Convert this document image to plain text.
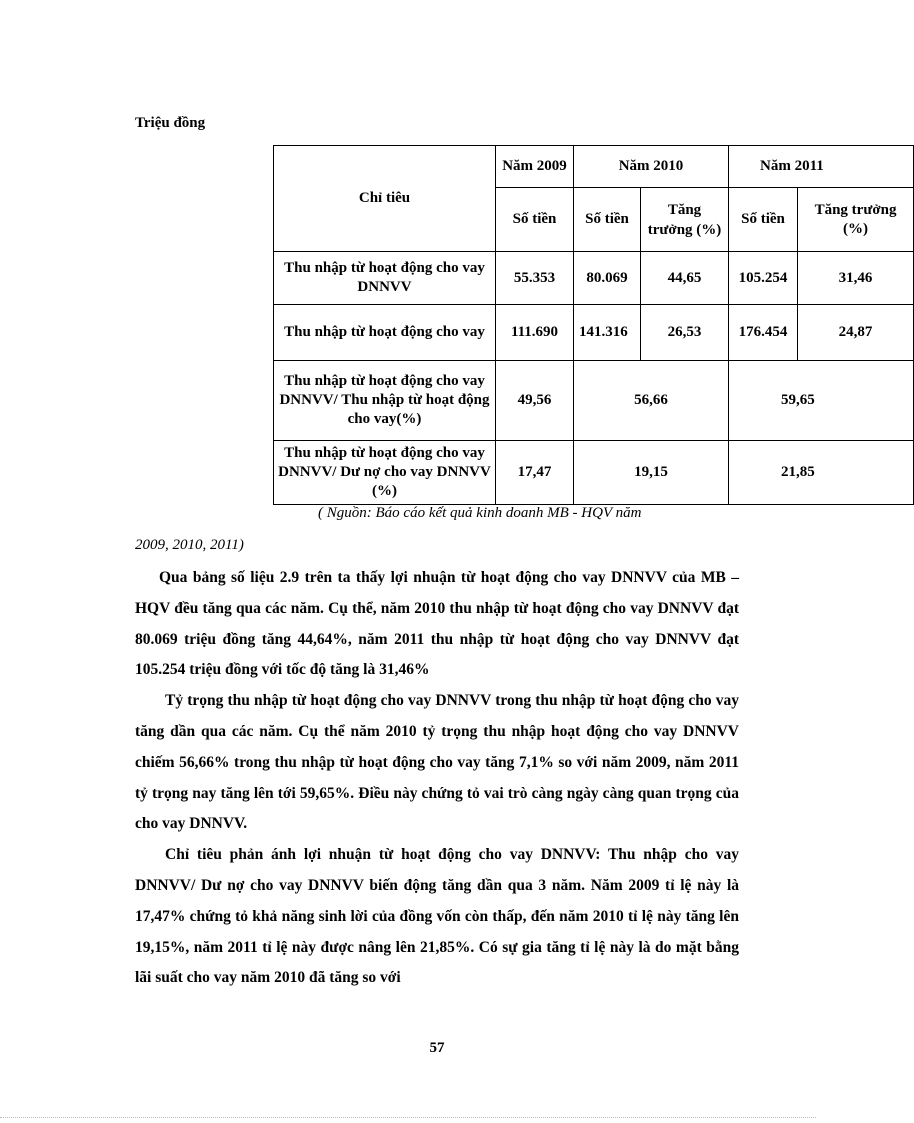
Triệu đồng
Chỉ tiêu	Năm 2009	Năm 2010		Năm 2011	
	Số tiền	Số tiền	Tăng trưởng (%)	Số tiền	Tăng trưởng (%)
Thu nhập từ hoạt động cho vay DNNVV	55.353	80.069	44,65	105.254	31,46
Thu nhập từ hoạt động cho vay	111.690	141.316	26,53	176.454	24,87
Thu nhập từ hoạt động cho vay DNNVV/ Thu nhập từ hoạt động cho vay(%)	49,56	56,66		59,65	
Thu nhập từ hoạt động cho vay DNNVV/ Dư nợ cho vay DNNVV (%)	17,47	19,15		21,85	
( Nguồn: Báo cáo kết quả kinh doanh MB - HQV năm
2009, 2010, 2011)

Qua bảng số liệu 2.9 trên ta thấy lợi nhuận từ hoạt động cho vay DNNVV của MB – HQV đều tăng qua các năm. Cụ thể, năm 2010 thu nhập từ hoạt động cho vay DNNVV đạt 80.069 triệu đồng tăng 44,64%, năm 2011 thu nhập từ hoạt động cho vay DNNVV đạt 105.254 triệu đồng với tốc độ tăng là 31,46%

Tỷ trọng thu nhập từ hoạt động cho vay DNNVV trong thu nhập từ hoạt động cho vay tăng dần qua các năm. Cụ thể năm 2010 tỷ trọng thu nhập hoạt động cho vay DNNVV chiếm 56,66% trong thu nhập từ hoạt động cho vay tăng 7,1% so với năm 2009, năm 2011 tỷ trọng nay tăng lên tới 59,65%. Điều này chứng tỏ vai trò càng ngày càng quan trọng của cho vay DNNVV.

Chỉ tiêu phản ánh lợi nhuận từ hoạt động cho vay DNNVV: Thu nhập cho vay DNNVV/ Dư nợ cho vay DNNVV biến động tăng dần qua 3 năm. Năm 2009 tỉ lệ này là 17,47% chứng tỏ khả năng sinh lời của đồng vốn còn thấp, đến năm 2010 tỉ lệ này tăng lên 19,15%, năm 2011 tỉ lệ này được nâng lên 21,85%. Có sự gia tăng tỉ lệ này là do mặt bằng lãi suất cho vay năm 2010 đã tăng so với

57
